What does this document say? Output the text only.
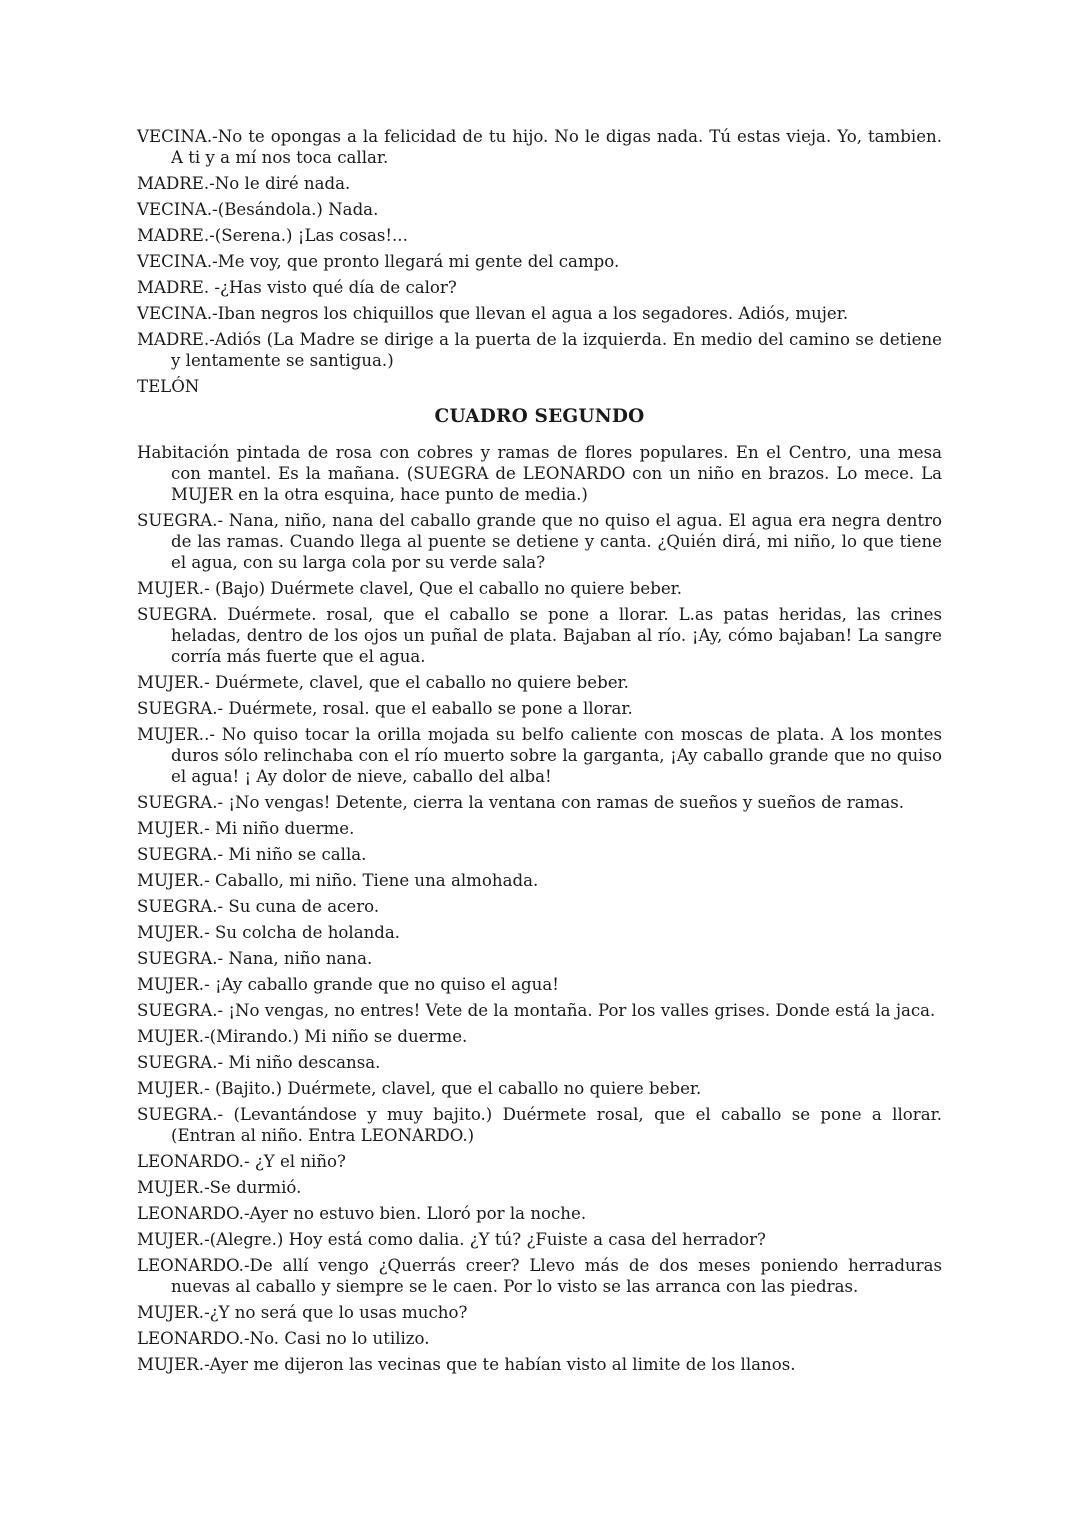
VECINA.-No te opongas a la felicidad de tu hijo. No le digas nada. Tú estas vieja. Yo, tambien. A ti y a mí nos toca callar.

MADRE.-No le diré nada.

VECINA.-(Besándola.) Nada.

MADRE.-(Serena.) ¡Las cosas!...

VECINA.-Me voy, que pronto llegará mi gente del campo.

MADRE. -¿Has visto qué día de calor?

VECINA.-Iban negros los chiquillos que llevan el agua a los segadores. Adiós, mujer.

MADRE.-Adiós (La Madre se dirige a la puerta de la izquierda. En medio del camino se detiene y lentamente se santigua.)

TELÓN

CUADRO SEGUNDO

Habitación pintada de rosa con cobres y ramas de flores populares. En el Centro, una mesa con mantel. Es la mañana. (SUEGRA de LEONARDO con un niño en brazos. Lo mece. La MUJER en la otra esquina, hace punto de media.)

SUEGRA.- Nana, niño, nana del caballo grande que no quiso el agua. El agua era negra dentro de las ramas. Cuando llega al puente se detiene y canta. ¿Quién dirá, mi niño, lo que tiene el agua, con su larga cola por su verde sala?

MUJER.- (Bajo) Duérmete clavel, Que el caballo no quiere beber.

SUEGRA. Duérmete. rosal, que el caballo se pone a llorar. L.as patas heridas, las crines heladas, dentro de los ojos un puñal de plata. Bajaban al río. ¡Ay, cómo bajaban! La sangre corría más fuerte que el agua.

MUJER.- Duérmete, clavel, que el caballo no quiere beber.

SUEGRA.- Duérmete, rosal. que el eaballo se pone a llorar.

MUJER..- No quiso tocar la orilla mojada su belfo caliente con moscas de plata. A los montes duros sólo relinchaba con el río muerto sobre la garganta, ¡Ay caballo grande que no quiso el agua! ¡ Ay dolor de nieve, caballo del alba!

SUEGRA.- ¡No vengas! Detente, cierra la ventana con ramas de sueños y sueños de ramas.

MUJER.- Mi niño duerme.

SUEGRA.- Mi niño se calla.

MUJER.- Caballo, mi niño. Tiene una almohada.

SUEGRA.- Su cuna de acero.

MUJER.- Su colcha de holanda.

SUEGRA.- Nana, niño nana.

MUJER.- ¡Ay caballo grande que no quiso el agua!

SUEGRA.- ¡No vengas, no entres! Vete de la montaña. Por los valles grises. Donde está la jaca.

MUJER.-(Mirando.) Mi niño se duerme.

SUEGRA.- Mi niño descansa.

MUJER.- (Bajito.) Duérmete, clavel, que el caballo no quiere beber.

SUEGRA.- (Levantándose y muy bajito.) Duérmete rosal, que el caballo se pone a llorar. (Entran al niño. Entra LEONARDO.)

LEONARDO.- ¿Y el niño?

MUJER.-Se durmió.

LEONARDO.-Ayer no estuvo bien. Lloró por la noche.

MUJER.-(Alegre.) Hoy está como dalia. ¿Y tú? ¿Fuiste a casa del herrador?

LEONARDO.-De allí vengo ¿Querrás creer? Llevo más de dos meses poniendo herraduras nuevas al caballo y siempre se le caen. Por lo visto se las arranca con las piedras.

MUJER.-¿Y no será que lo usas mucho?

LEONARDO.-No. Casi no lo utilizo.

MUJER.-Ayer me dijeron las vecinas que te habían visto al limite de los llanos.
